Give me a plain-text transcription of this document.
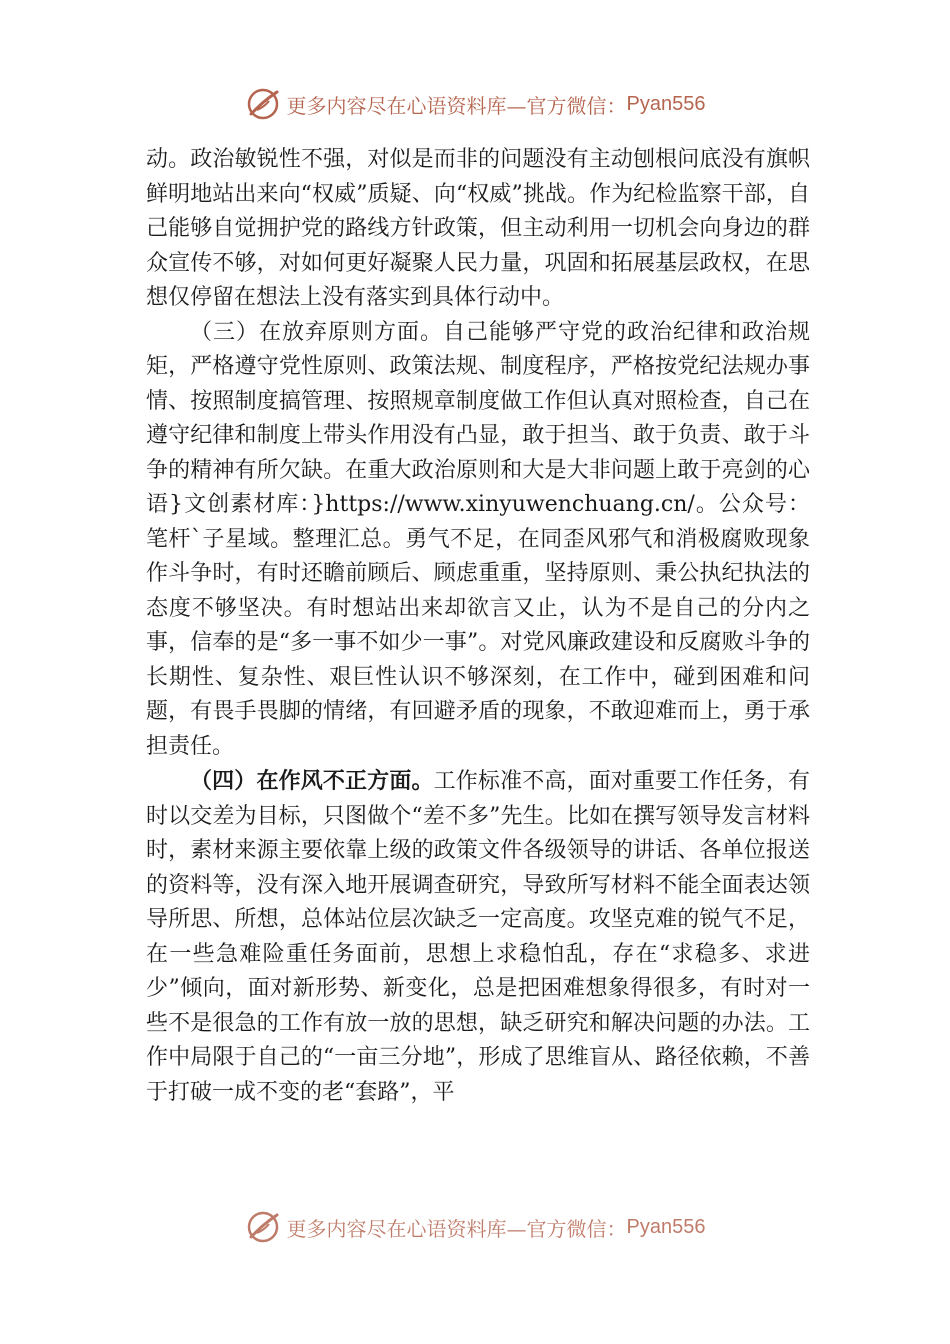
更多内容尽在心语资料库—官方微信： Pyan556

动。政治敏锐性不强，对似是而非的问题没有主动刨根问底没有旗帜鲜明地站出来向“权威”质疑、向“权威”挑战。作为纪检监察干部，自己能够自觉拥护党的路线方针政策，但主动利用一切机会向身边的群众宣传不够，对如何更好凝聚人民力量，巩固和拓展基层政权，在思想仅停留在想法上没有落实到具体行动中。

（三）在放弃原则方面。自己能够严守党的政治纪律和政治规矩，严格遵守党性原则、政策法规、制度程序，严格按党纪法规办事情、按照制度搞管理、按照规章制度做工作但认真对照检查，自己在遵守纪律和制度上带头作用没有凸显，敢于担当、敢于负责、敢于斗争的精神有所欠缺。在重大政治原则和大是大非问题上敢于亮剑的心语}文创素材库：}https://www.xinyuwenchuang.cn/。公众号：笔杆`子星域。整理汇总。勇气不足，在同歪风邪气和消极腐败现象作斗争时，有时还瞻前顾后、顾虑重重，坚持原则、秉公执纪执法的态度不够坚决。有时想站出来却欲言又止，认为不是自己的分内之事，信奉的是“多一事不如少一事”。对党风廉政建设和反腐败斗争的长期性、复杂性、艰巨性认识不够深刻，在工作中，碰到困难和问题，有畏手畏脚的情绪，有回避矛盾的现象，不敢迎难而上，勇于承担责任。

（四）在作风不正方面。工作标准不高，面对重要工作任务，有时以交差为目标，只图做个“差不多”先生。比如在撰写领导发言材料时，素材来源主要依靠上级的政策文件各级领导的讲话、各单位报送的资料等，没有深入地开展调查研究，导致所写材料不能全面表达领导所思、所想，总体站位层次缺乏一定高度。攻坚克难的锐气不足，在一些急难险重任务面前，思想上求稳怕乱，存在“求稳多、求进少”倾向，面对新形势、新变化，总是把困难想象得很多，有时对一些不是很急的工作有放一放的思想，缺乏研究和解决问题的办法。工作中局限于自己的“一亩三分地”，形成了思维盲从、路径依赖，不善于打破一成不变的老“套路”，平

更多内容尽在心语资料库—官方微信： Pyan556
